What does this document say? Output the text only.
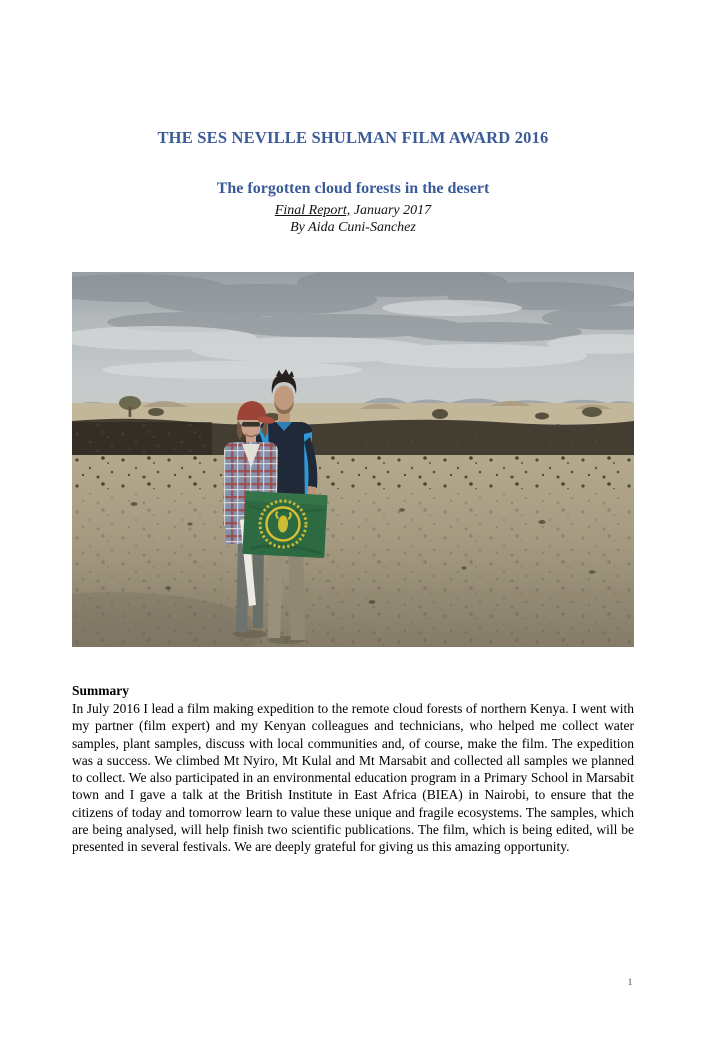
THE SES NEVILLE SHULMAN FILM AWARD 2016
The forgotten cloud forests in the desert

Final Report, January 2017

By Aida Cuni-Sanchez

Summary

In July 2016 I lead a film making expedition to the remote cloud forests of northern Kenya. I went with my partner (film expert) and my Kenyan colleagues and technicians, who helped me collect water samples, plant samples, discuss with local communities and, of course, make the film. The expedition was a success. We climbed Mt Nyiro, Mt Kulal and Mt Marsabit and collected all samples we planned to collect. We also participated in an environmental education program in a Primary School in Marsabit town and I gave a talk at the British Institute in East Africa (BIEA) in Nairobi, to ensure that the citizens of today and tomorrow learn to value these unique and fragile ecosystems. The samples, which are being analysed, will help finish two scientific publications. The film, which is being edited, will be presented in several festivals. We are deeply grateful for giving us this amazing opportunity.

1
